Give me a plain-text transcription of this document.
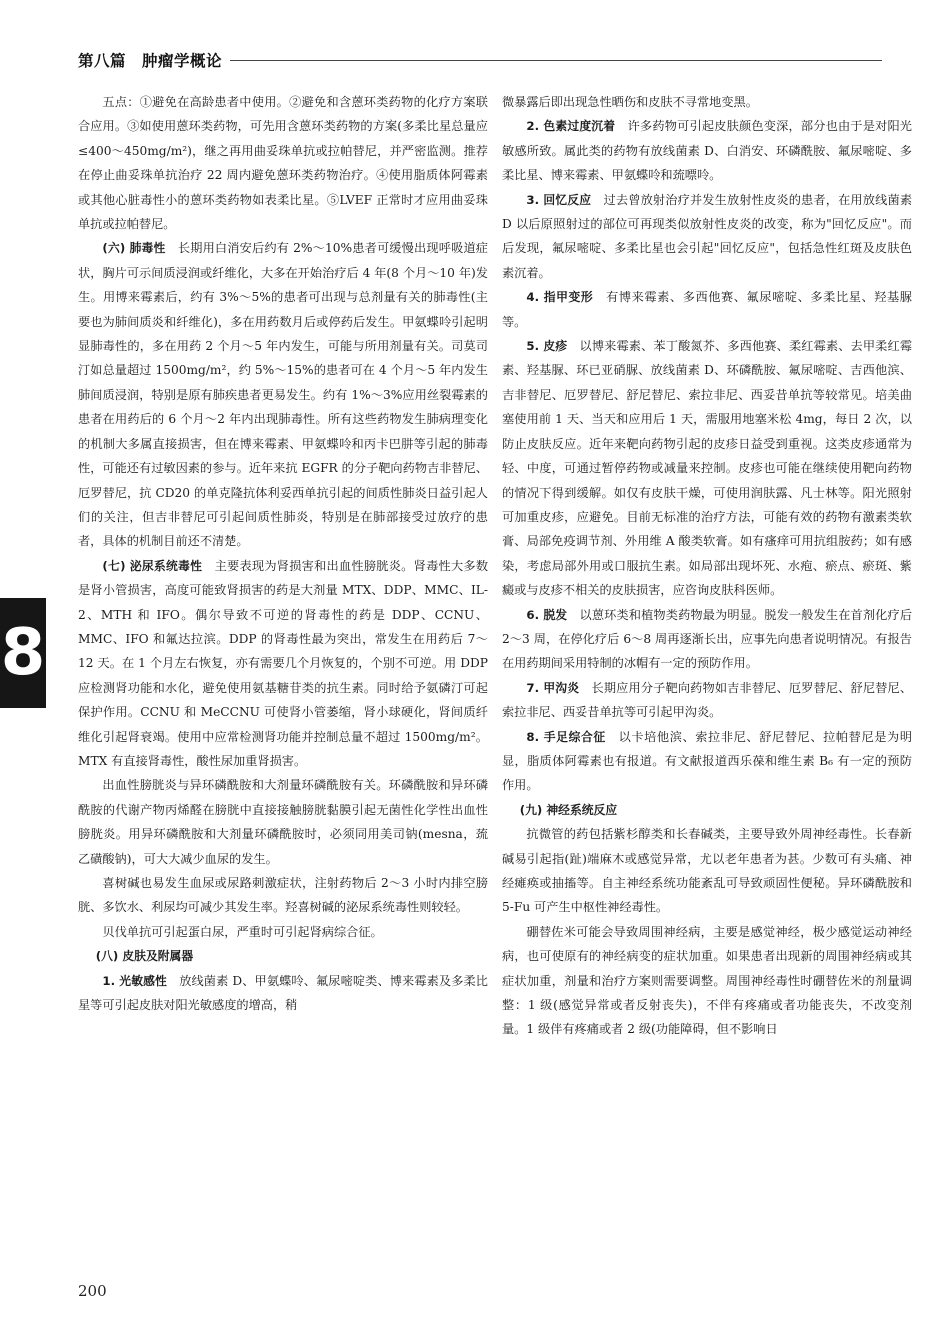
第八篇　肿瘤学概论

五点：①避免在高龄患者中使用。②避免和含蒽环类药物的化疗方案联合应用。③如使用蒽环类药物，可先用含蒽环类药物的方案(多柔比星总量应≤400～450mg/m²)，继之再用曲妥珠单抗或拉帕替尼，并严密监测。推荐在停止曲妥珠单抗治疗 22 周内避免蒽环类药物治疗。④使用脂质体阿霉素或其他心脏毒性小的蒽环类药物如表柔比星。⑤LVEF 正常时才应用曲妥珠单抗或拉帕替尼。

(六) 肺毒性　 长期用白消安后约有 2%～10%患者可缓慢出现呼吸道症状，胸片可示间质浸润或纤维化，大多在开始治疗后 4 年(8 个月～10 年)发生。用博来霉素后，约有 3%～5%的患者可出现与总剂量有关的肺毒性(主要也为肺间质炎和纤维化)，多在用药数月后或停药后发生。甲氨蝶呤引起明显肺毒性的，多在用药 2 个月～5 年内发生，可能与所用剂量有关。司莫司汀如总量超过 1500mg/m²，约 5%～15%的患者可在 4 个月～5 年内发生肺间质浸润，特别是原有肺疾患者更易发生。约有 1%～3%应用丝裂霉素的患者在用药后的 6 个月～2 年内出现肺毒性。所有这些药物发生肺病理变化的机制大多属直接损害，但在博来霉素、甲氨蝶呤和丙卡巴肼等引起的肺毒性，可能还有过敏因素的参与。近年来抗 EGFR 的分子靶向药物吉非替尼、厄罗替尼，抗 CD20 的单克隆抗体利妥西单抗引起的间质性肺炎日益引起人们的关注，但吉非替尼可引起间质性肺炎，特别是在肺部接受过放疗的患者，具体的机制目前还不清楚。

(七) 泌尿系统毒性　 主要表现为肾损害和出血性膀胱炎。肾毒性大多数是肾小管损害，高度可能致肾损害的药是大剂量 MTX、DDP、MMC、IL-2、MTH 和 IFO。偶尔导致不可逆的肾毒性的药是 DDP、CCNU、MMC、IFO 和氟达拉滨。DDP 的肾毒性最为突出，常发生在用药后 7～12 天。在 1 个月左右恢复，亦有需要几个月恢复的，个别不可逆。用 DDP 应检测肾功能和水化，避免使用氨基糖苷类的抗生素。同时给予氨磷汀可起保护作用。CCNU 和 MeCCNU 可使肾小管萎缩，肾小球硬化，肾间质纤维化引起肾衰竭。使用中应常检测肾功能并控制总量不超过 1500mg/m²。MTX 有直接肾毒性，酸性尿加重肾损害。

出血性膀胱炎与异环磷酰胺和大剂量环磷酰胺有关。环磷酰胺和异环磷酰胺的代谢产物丙烯醛在膀胱中直接接触膀胱黏膜引起无菌性化学性出血性膀胱炎。用异环磷酰胺和大剂量环磷酰胺时，必须同用美司钠(mesna，巯乙磺酸钠)，可大大减少血尿的发生。

喜树碱也易发生血尿或尿路刺激症状，注射药物后 2～3 小时内排空膀胱、多饮水、利尿均可减少其发生率。羟喜树碱的泌尿系统毒性则较轻。

贝伐单抗可引起蛋白尿，严重时可引起肾病综合征。

(八) 皮肤及附属器

1. 光敏感性　 放线菌素 D、甲氨蝶呤、氟尿嘧啶类、博来霉素及多柔比星等可引起皮肤对阳光敏感度的增高，稍

微暴露后即出现急性晒伤和皮肤不寻常地变黑。

2. 色素过度沉着　 许多药物可引起皮肤颜色变深，部分也由于是对阳光敏感所致。属此类的药物有放线菌素 D、白消安、环磷酰胺、氟尿嘧啶、多柔比星、博来霉素、甲氨蝶呤和巯嘌呤。

3. 回忆反应　 过去曾放射治疗并发生放射性皮炎的患者，在用放线菌素 D 以后原照射过的部位可再现类似放射性皮炎的改变，称为"回忆反应"。而后发现，氟尿嘧啶、多柔比星也会引起"回忆反应"，包括急性红斑及皮肤色素沉着。

4. 指甲变形　 有博来霉素、多西他赛、氟尿嘧啶、多柔比星、羟基脲等。

5. 皮疹　 以博来霉素、苯丁酸氮芥、多西他赛、柔红霉素、去甲柔红霉素、羟基脲、环已亚硝脲、放线菌素 D、环磷酰胺、氟尿嘧啶、吉西他滨、吉非替尼、厄罗替尼、舒尼替尼、索拉非尼、西妥昔单抗等较常见。培美曲塞使用前 1 天、当天和应用后 1 天，需服用地塞米松 4mg，每日 2 次，以防止皮肤反应。近年来靶向药物引起的皮疹日益受到重视。这类皮疹通常为轻、中度，可通过暂停药物或减量来控制。皮疹也可能在继续使用靶向药物的情况下得到缓解。如仅有皮肤干燥，可使用润肤露、凡士林等。阳光照射可加重皮疹，应避免。目前无标准的治疗方法，可能有效的药物有激素类软膏、局部免疫调节剂、外用维 A 酸类软膏。如有瘙痒可用抗组胺药；如有感染，考虑局部外用或口服抗生素。如局部出现坏死、水疱、瘀点、瘀斑、紫癜或与皮疹不相关的皮肤损害，应咨询皮肤科医师。

6. 脱发　 以蒽环类和植物类药物最为明显。脱发一般发生在首剂化疗后 2～3 周，在停化疗后 6～8 周再逐渐长出，应事先向患者说明情况。有报告在用药期间采用特制的冰帽有一定的预防作用。

7. 甲沟炎　 长期应用分子靶向药物如吉非替尼、厄罗替尼、舒尼替尼、索拉非尼、西妥昔单抗等可引起甲沟炎。

8. 手足综合征　 以卡培他滨、索拉非尼、舒尼替尼、拉帕替尼是为明显，脂质体阿霉素也有报道。有文献报道西乐葆和维生素 B₆ 有一定的预防作用。

(九) 神经系统反应

抗微管的药包括紫杉醇类和长春碱类，主要导致外周神经毒性。长春新碱易引起指(趾)端麻木或感觉异常，尤以老年患者为甚。少数可有头痛、神经瘫痪或抽搐等。自主神经系统功能紊乱可导致顽固性便秘。异环磷酰胺和 5-Fu 可产生中枢性神经毒性。

硼替佐米可能会导致周围神经病，主要是感觉神经，极少感觉运动神经病，也可使原有的神经病变的症状加重。如果患者出现新的周围神经病或其症状加重，剂量和治疗方案则需要调整。周围神经毒性时硼替佐米的剂量调整：1 级(感觉异常或者反射丧失)，不伴有疼痛或者功能丧失，不改变剂量。1 级伴有疼痛或者 2 级(功能障碍，但不影响日

8
200
